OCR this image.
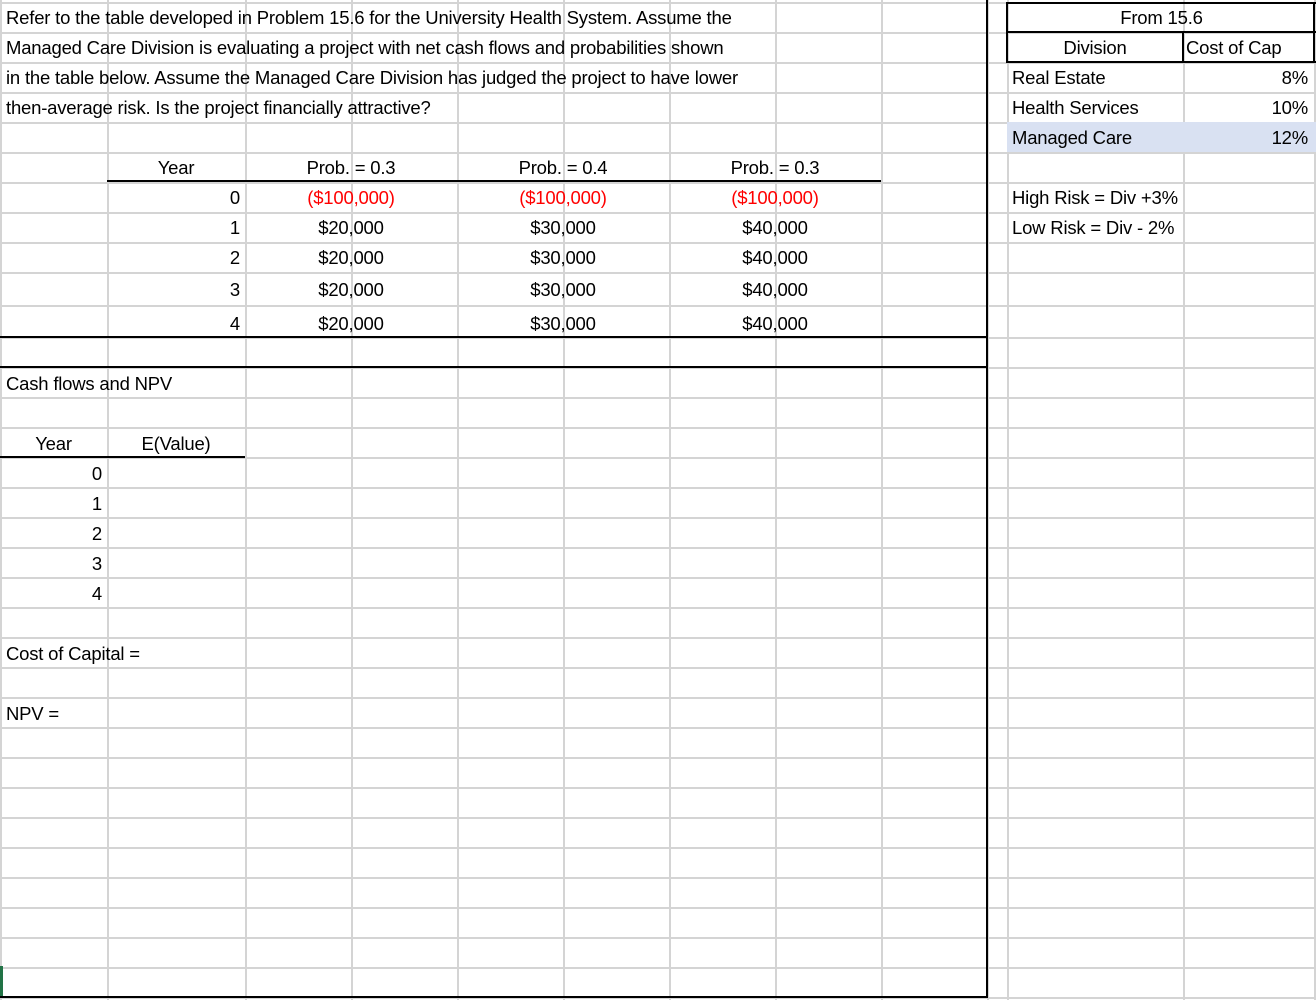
Refer to the table developed in Problem 15.6 for the University Health System. Assume the
Managed Care Division is evaluating a project with net cash flows and probabilities shown
in the table below. Assume the Managed Care Division has judged the project to have lower
then-average risk. Is the project financially attractive?
Year	Prob. = 0.3	Prob. = 0.4	Prob. = 0.3
0	($100,000)	($100,000)	($100,000)
1	$20,000	$30,000	$40,000
2	$20,000	$30,000	$40,000
3	$20,000	$30,000	$40,000
4	$20,000	$30,000	$40,000
Cash flows and NPV
Year	E(Value)
0
1
2
3
4
Cost of Capital =
NPV =
From 15.6
Division	Cost of Cap
Real Estate	8%
Health Services	10%
Managed Care	12%
High Risk = Div +3%
Low Risk = Div - 2%
